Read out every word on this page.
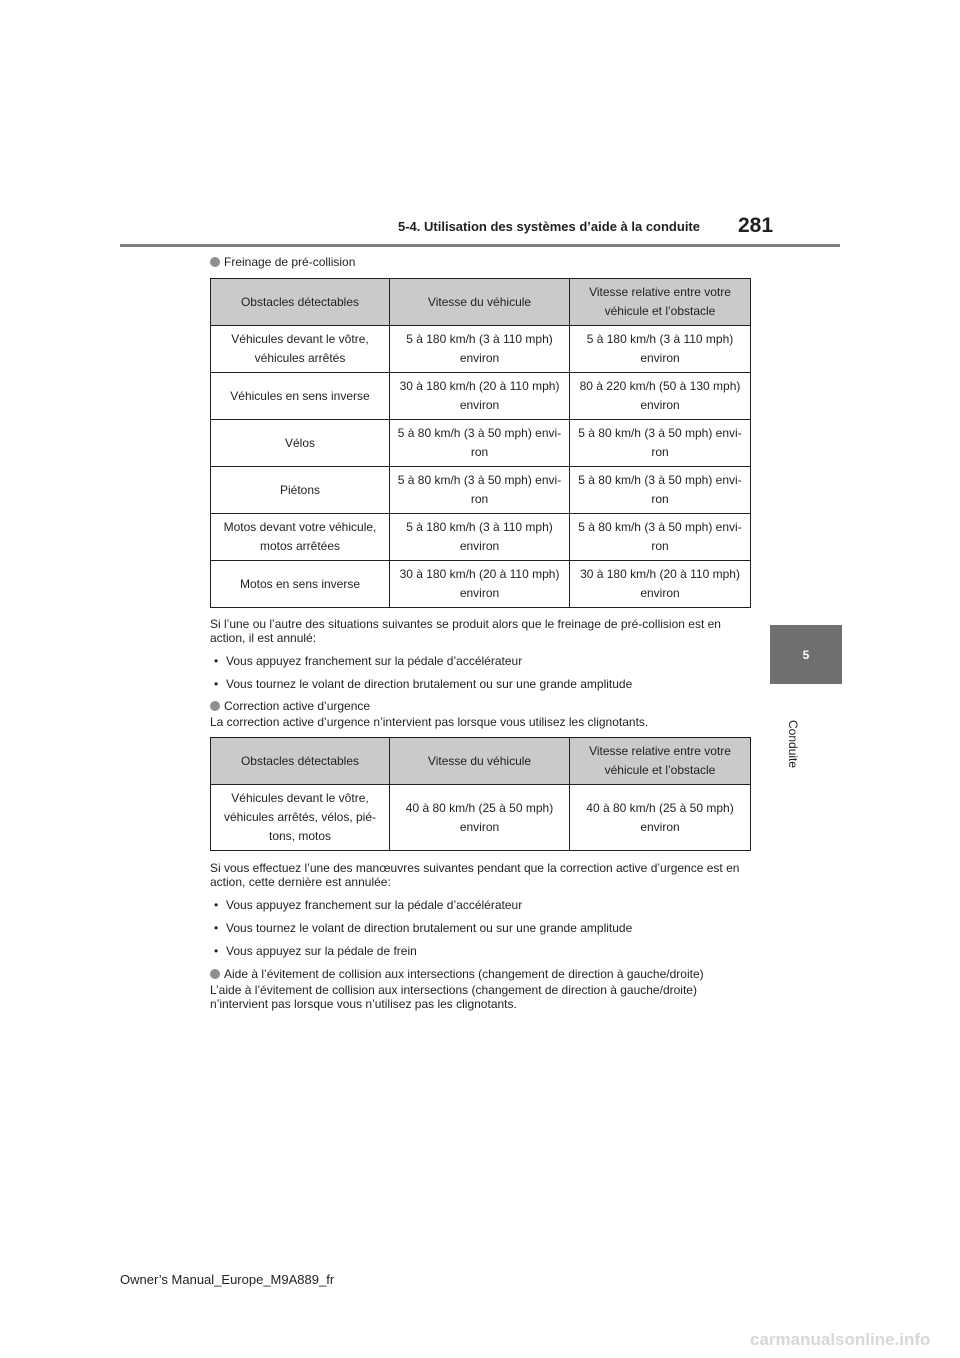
5-4. Utilisation des systèmes d’aide à la conduite 281
5
Conduite

Freinage de pré-collision

Obstacles détectables	Vitesse du véhicule	Vitesse relative entre votre véhicule et l’obstacle
Véhicules devant le vôtre, véhicules arrêtés	5 à 180 km/h (3 à 110 mph) environ	5 à 180 km/h (3 à 110 mph) environ
Véhicules en sens inverse	30 à 180 km/h (20 à 110 mph) environ	80 à 220 km/h (50 à 130 mph) environ
Vélos	5 à 80 km/h (3 à 50 mph) envi-ron	5 à 80 km/h (3 à 50 mph) envi-ron
Piétons	5 à 80 km/h (3 à 50 mph) envi-ron	5 à 80 km/h (3 à 50 mph) envi-ron
Motos devant votre véhicule, motos arrêtées	5 à 180 km/h (3 à 110 mph) environ	5 à 80 km/h (3 à 50 mph) envi-ron
Motos en sens inverse	30 à 180 km/h (20 à 110 mph) environ	30 à 180 km/h (20 à 110 mph) environ

Si l’une ou l’autre des situations suivantes se produit alors que le freinage de pré-collision est en action, il est annulé:

• Vous appuyez franchement sur la pédale d’accélérateur

• Vous tournez le volant de direction brutalement ou sur une grande amplitude

Correction active d’urgence

La correction active d’urgence n’intervient pas lorsque vous utilisez les clignotants.

Obstacles détectables	Vitesse du véhicule	Vitesse relative entre votre véhicule et l’obstacle
Véhicules devant le vôtre, véhicules arrêtés, vélos, pié-tons, motos	40 à 80 km/h (25 à 50 mph) environ	40 à 80 km/h (25 à 50 mph) environ

Si vous effectuez l’une des manœuvres suivantes pendant que la correction active d’urgence est en action, cette dernière est annulée:

• Vous appuyez franchement sur la pédale d’accélérateur

• Vous tournez le volant de direction brutalement ou sur une grande amplitude

• Vous appuyez sur la pédale de frein

Aide à l’évitement de collision aux intersections (changement de direction à gauche/droite)

L’aide à l’évitement de collision aux intersections (changement de direction à gauche/droite) n’intervient pas lorsque vous n’utilisez pas les clignotants.

Owner’s Manual_Europe_M9A889_fr
carmanualsonline.info
